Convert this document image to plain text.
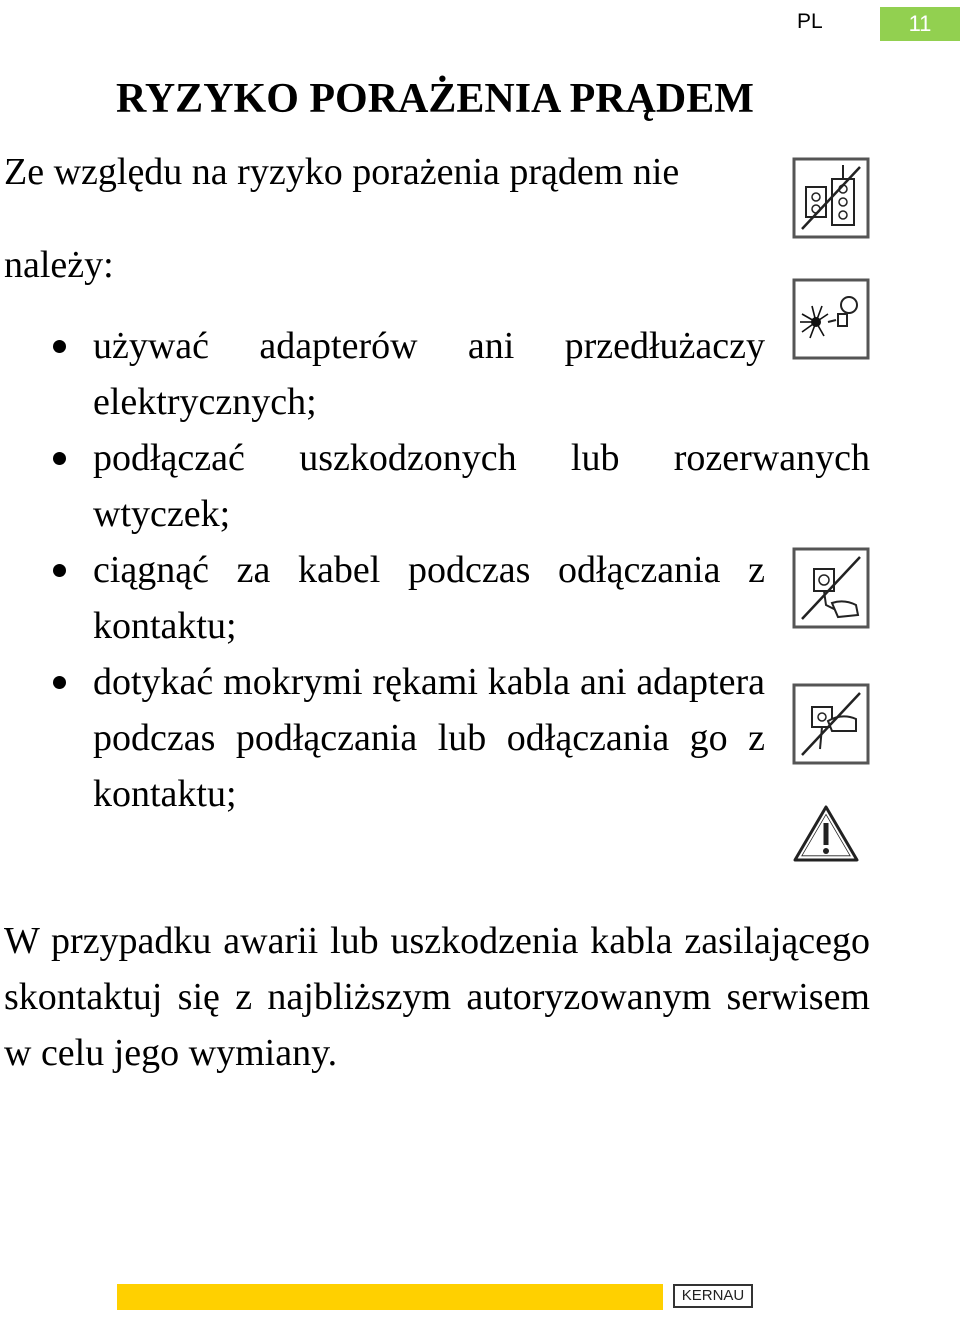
PL	11
RYZYKO PORAŻENIA PRĄDEM

Ze względu na ryzyko porażenia prądem nie

należy:

używać adapterów ani przedłużaczy elektrycznych;
podłączać uszkodzonych lub rozerwanych wtyczek;
ciągnąć za kabel podczas odłączania z kontaktu;
dotykać mokrymi rękami kabla ani adaptera podczas podłączania lub odłączania go z kontaktu;

W przypadku awarii lub uszkodzenia kabla zasilającego skontaktuj się z najbliższym autoryzowanym serwisem w celu jego wymiany.

KERNAU
